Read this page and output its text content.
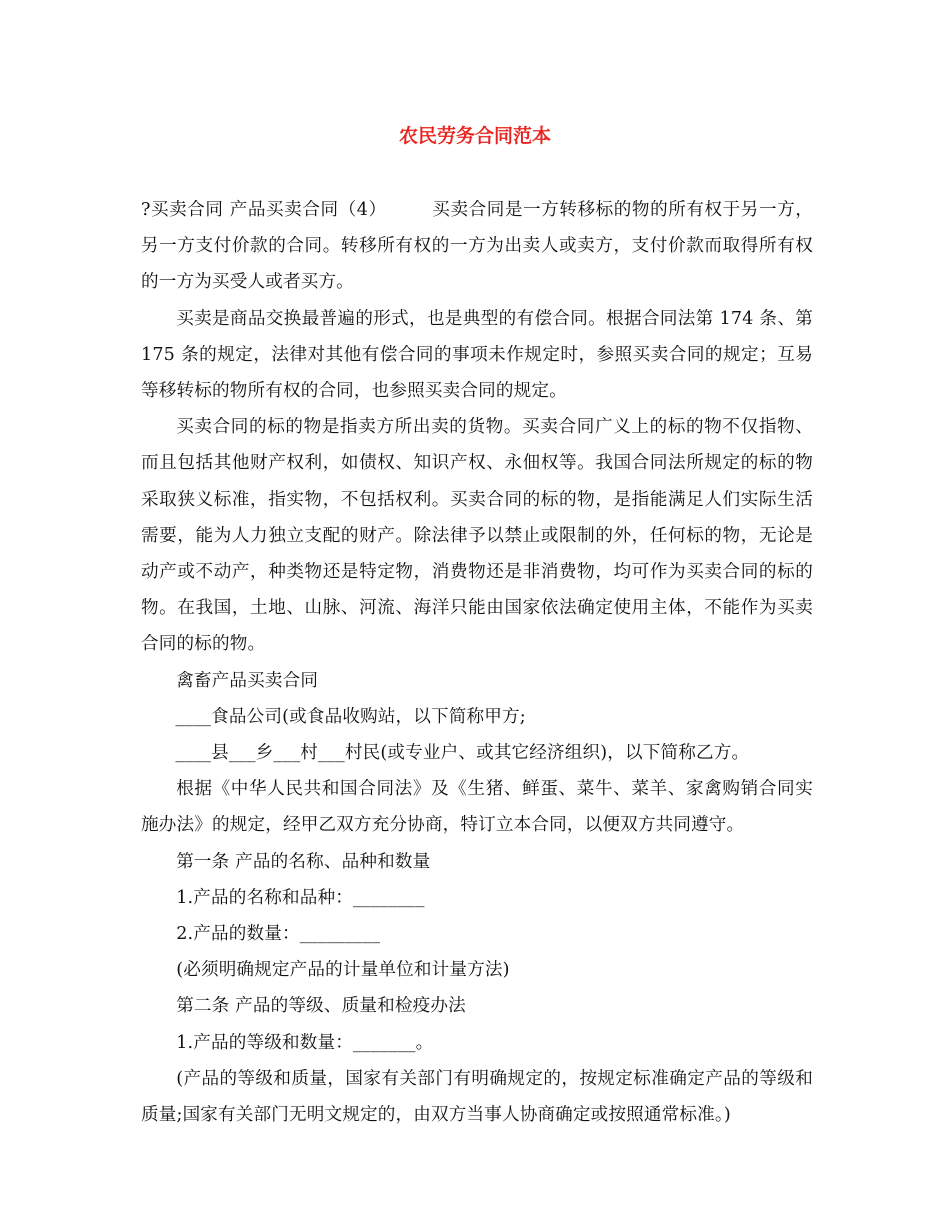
农民劳务合同范本

?买卖合同 产品买卖合同（4）　　　买卖合同是一方转移标的物的所有权于另一方，另一方支付价款的合同。转移所有权的一方为出卖人或卖方，支付价款而取得所有权的一方为买受人或者买方。

买卖是商品交换最普遍的形式，也是典型的有偿合同。根据合同法第 174 条、第 175 条的规定，法律对其他有偿合同的事项未作规定时，参照买卖合同的规定；互易等移转标的物所有权的合同，也参照买卖合同的规定。

买卖合同的标的物是指卖方所出卖的货物。买卖合同广义上的标的物不仅指物、而且包括其他财产权利，如债权、知识产权、永佃权等。我国合同法所规定的标的物采取狭义标准，指实物，不包括权利。买卖合同的标的物，是指能满足人们实际生活需要，能为人力独立支配的财产。除法律予以禁止或限制的外，任何标的物，无论是动产或不动产，种类物还是特定物，消费物还是非消费物，均可作为买卖合同的标的物。在我国，土地、山脉、河流、海洋只能由国家依法确定使用主体，不能作为买卖合同的标的物。

禽畜产品买卖合同

____食品公司(或食品收购站，以下简称甲方;

____县___乡___村___村民(或专业户、或其它经济组织)，以下简称乙方。

根据《中华人民共和国合同法》及《生猪、鲜蛋、菜牛、菜羊、家禽购销合同实施办法》的规定，经甲乙双方充分协商，特订立本合同，以便双方共同遵守。

第一条 产品的名称、品种和数量

1.产品的名称和品种：________

2.产品的数量：_________

(必须明确规定产品的计量单位和计量方法)

第二条 产品的等级、质量和检疫办法

1.产品的等级和数量：_______。

(产品的等级和质量，国家有关部门有明确规定的，按规定标准确定产品的等级和质量;国家有关部门无明文规定的，由双方当事人协商确定或按照通常标准。)
